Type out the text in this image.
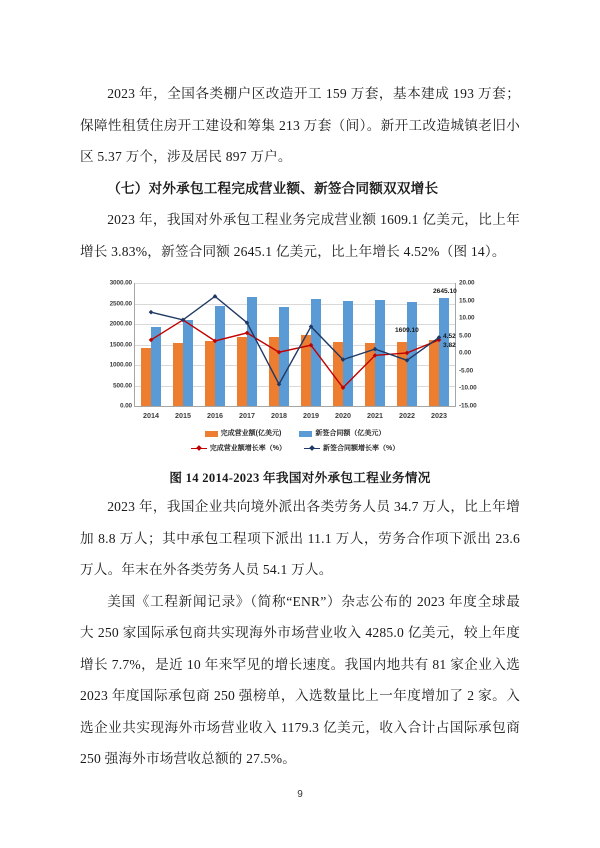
2023 年，全国各类棚户区改造开工 159 万套，基本建成 193 万套；保障性租赁住房开工建设和筹集 213 万套（间）。新开工改造城镇老旧小区 5.37 万个，涉及居民 897 万户。

（七）对外承包工程完成营业额、新签合同额双双增长

2023 年，我国对外承包工程业务完成营业额 1609.1 亿美元，比上年增长 3.83%，新签合同额 2645.1 亿美元，比上年增长 4.52%（图 14）。

0.00
500.00
1000.00
1500.00
2000.00
2500.00
3000.00
-15.00
-10.00
-5.00
0.00
5.00
10.00
15.00
20.00
2014 2015 2016 2017 2018 2019 2020 2021 2022 2023
2645.10
1609.10
4.52
3.82
完成营业额(亿美元)	新签合同额（亿美元）
完成营业额增长率（%）	新签合同额增长率（%）

图 14 2014-2023 年我国对外承包工程业务情况

2023 年，我国企业共向境外派出各类劳务人员 34.7 万人，比上年增加 8.8 万人；其中承包工程项下派出 11.1 万人，劳务合作项下派出 23.6 万人。年末在外各类劳务人员 54.1 万人。

美国《工程新闻记录》（简称“ENR”）杂志公布的 2023 年度全球最大 250 家国际承包商共实现海外市场营业收入 4285.0 亿美元，较上年度增长 7.7%，是近 10 年来罕见的增长速度。我国内地共有 81 家企业入选 2023 年度国际承包商 250 强榜单，入选数量比上一年度增加了 2 家。入选企业共实现海外市场营业收入 1179.3 亿美元，收入合计占国际承包商 250 强海外市场营收总额的 27.5%。

9
